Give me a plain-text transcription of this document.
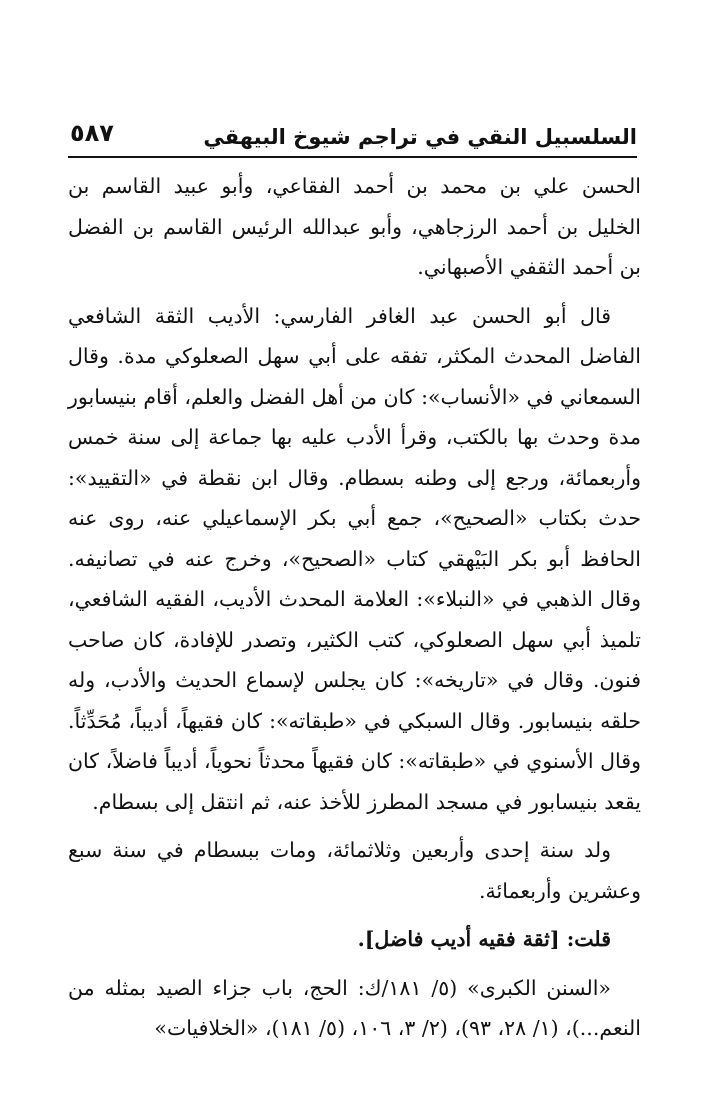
السلسبيل النقي في تراجم شيوخ البيهقي
٥٨٧

الحسن علي بن محمد بن أحمد الفقاعي، وأبو عبيد القاسم بن الخليل بن أحمد الرزجاهي، وأبو عبدالله الرئيس القاسم بن الفضل بن أحمد الثقفي الأصبهاني.

قال أبو الحسن عبد الغافر الفارسي: الأديب الثقة الشافعي الفاضل المحدث المكثر، تفقه على أبي سهل الصعلوكي مدة. وقال السمعاني في «الأنساب»: كان من أهل الفضل والعلم، أقام بنيسابور مدة وحدث بها بالكتب، وقرأ الأدب عليه بها جماعة إلى سنة خمس وأربعمائة، ورجع إلى وطنه بسطام. وقال ابن نقطة في «التقييد»: حدث بكتاب «الصحيح»، جمع أبي بكر الإسماعيلي عنه، روى عنه الحافظ أبو بكر البَيْهقي كتاب «الصحيح»، وخرج عنه في تصانيفه. وقال الذهبي في «النبلاء»: العلامة المحدث الأديب، الفقيه الشافعي، تلميذ أبي سهل الصعلوكي، كتب الكثير، وتصدر للإفادة، كان صاحب فنون. وقال في «تاريخه»: كان يجلس لإسماع الحديث والأدب، وله حلقه بنيسابور. وقال السبكي في «طبقاته»: كان فقيهاً، أديباً، مُحَدِّثاً. وقال الأسنوي في «طبقاته»: كان فقيهاً محدثاً نحوياً، أديباً فاضلاً، كان يقعد بنيسابور في مسجد المطرز للأخذ عنه، ثم انتقل إلى بسطام.

ولد سنة إحدى وأربعين وثلاثمائة، ومات ببسطام في سنة سبع وعشرين وأربعمائة.

قلت: [ثقة فقيه أديب فاضل].

«السنن الكبرى» (٥/ ١٨١/ك: الحج، باب جزاء الصيد بمثله من النعم...)، (١/ ٢٨، ٩٣)، (٢/ ٣، ١٠٦، (٥/ ١٨١)، «الخلافيات»
